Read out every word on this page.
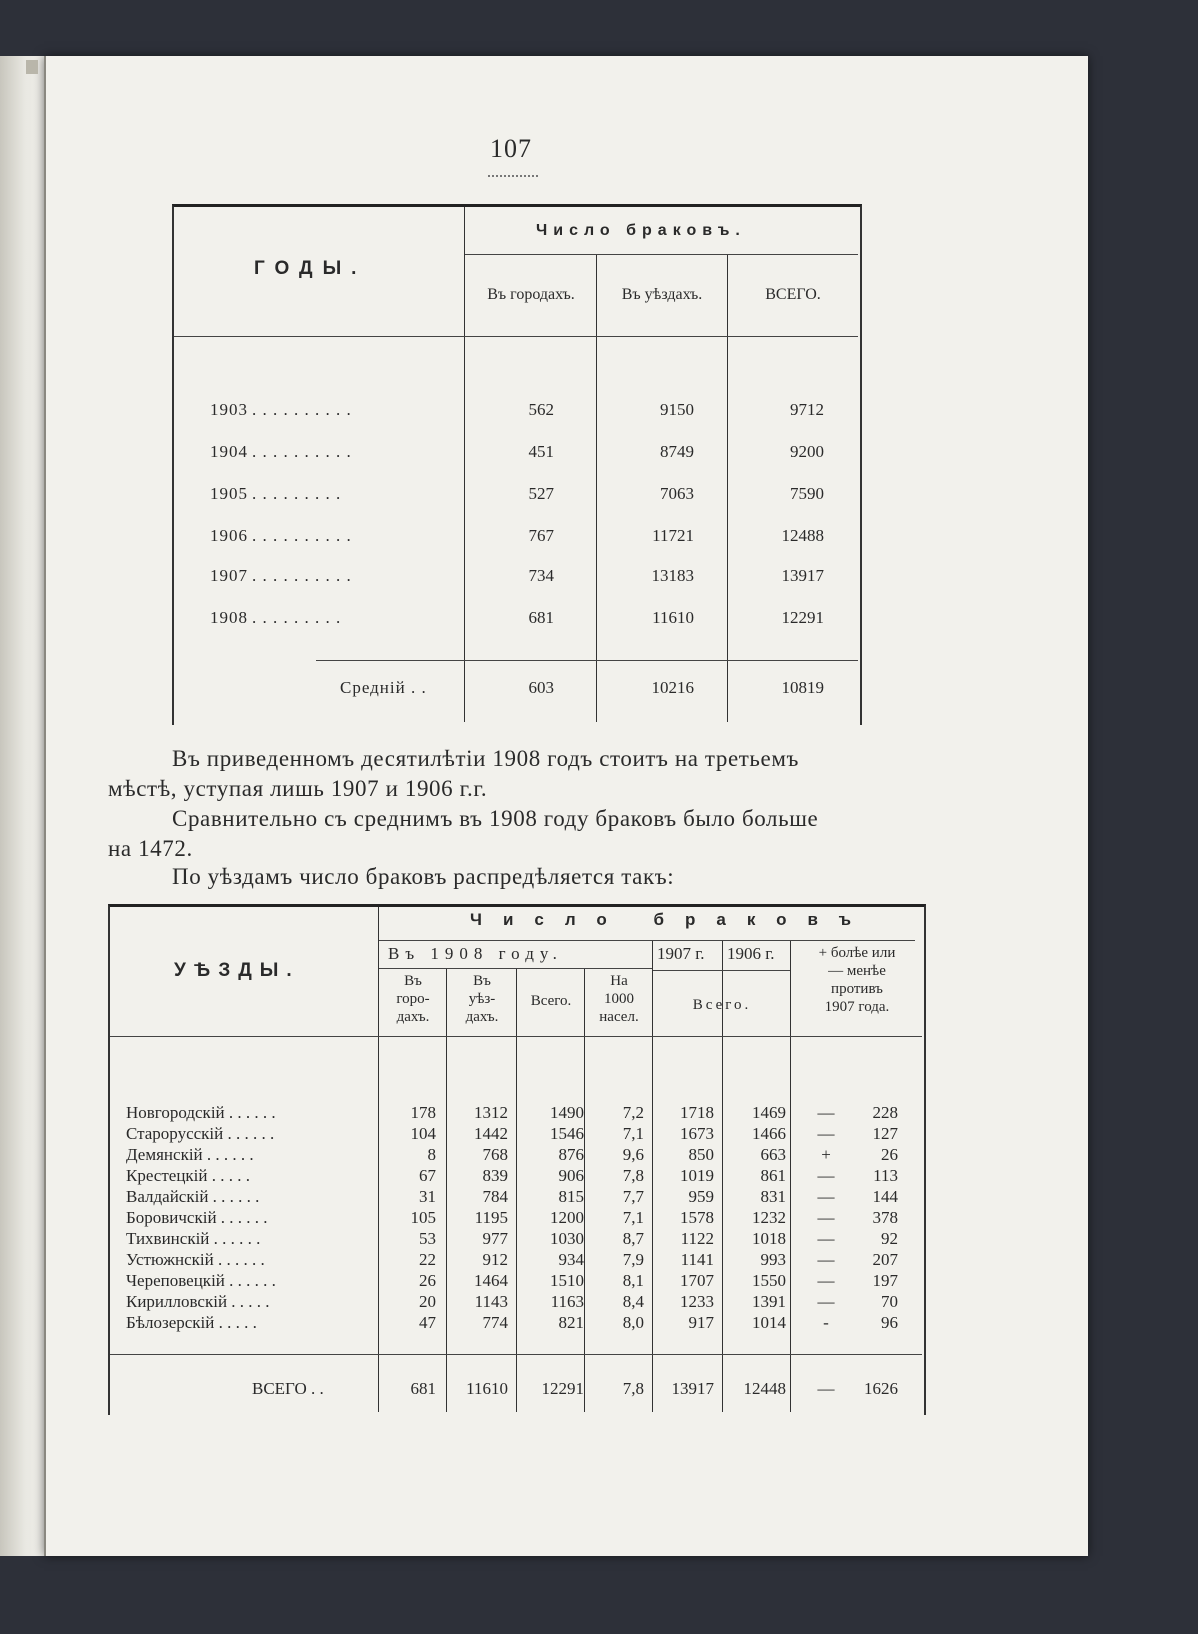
107
ГОДЫ.
Число браковъ.
Въ городахъ.	Въ уѣздахъ.	ВСЕГО.
1903 . . . . . . . . . .	562	9150	9712
1904 . . . . . . . . . .	451	8749	9200
1905 . . . . . . . . .	527	7063	7590
1906 . . . . . . . . . .	767	11721	12488
1907 . . . . . . . . . .	734	13183	13917
1908 . . . . . . . . .	681	11610	12291
Средній . .	603	10216	10819
Въ приведенномъ десятилѣтіи 1908 годъ стоитъ на третьемъ
мѣстѣ, уступая лишь 1907 и 1906 г.г.
Сравнительно съ среднимъ въ 1908 году браковъ было больше
на 1472.
По уѣздамъ число браковъ распредѣляется такъ:
УѢЗДЫ.
Число браковъ
Въ 1908 году.	1907 г. 1906 г.	+ болѣе или
— менѣе
противъ
1907 года.
Въ
горо-
дахъ.
Въ
уѣз-
дахъ.
Всего.
На
1000
насел.
Всего.
Новгородскій . . . . . .	178	1312	1490	7,2	1718	1469 —	228
Старорусскій . . . . . .	104	1442	1546	7,1	1673	1466 —	127
Демянскій . . . . . .	8	768	876	9,6	850	663	+	26
Крестецкій . . . . .	67	839	906	7,8	1019	861 —	113
Валдайскій . . . . . .	31	784	815	7,7	959	831 —	144
Боровичскій . . . . . .	105	1195	1200	7,1	1578	1232 —	378
Тихвинскій . . . . . .	53	977	1030	8,7	1122	1018 —	92
Устюжнскій . . . . . .	22	912	934	7,9	1141	993 —	207
Череповецкій . . . . . .	26	1464	1510	8,1	1707	1550 —	197
Кирилловскій . . . . .	20	1143	1163	8,4	1233	1391 —	70
Бѣлозерскій . . . . .	47	774	821	8,0	917	1014	-	96
ВСЕГО . .	681	11610	12291	7,8	13917	12448 —	1626
